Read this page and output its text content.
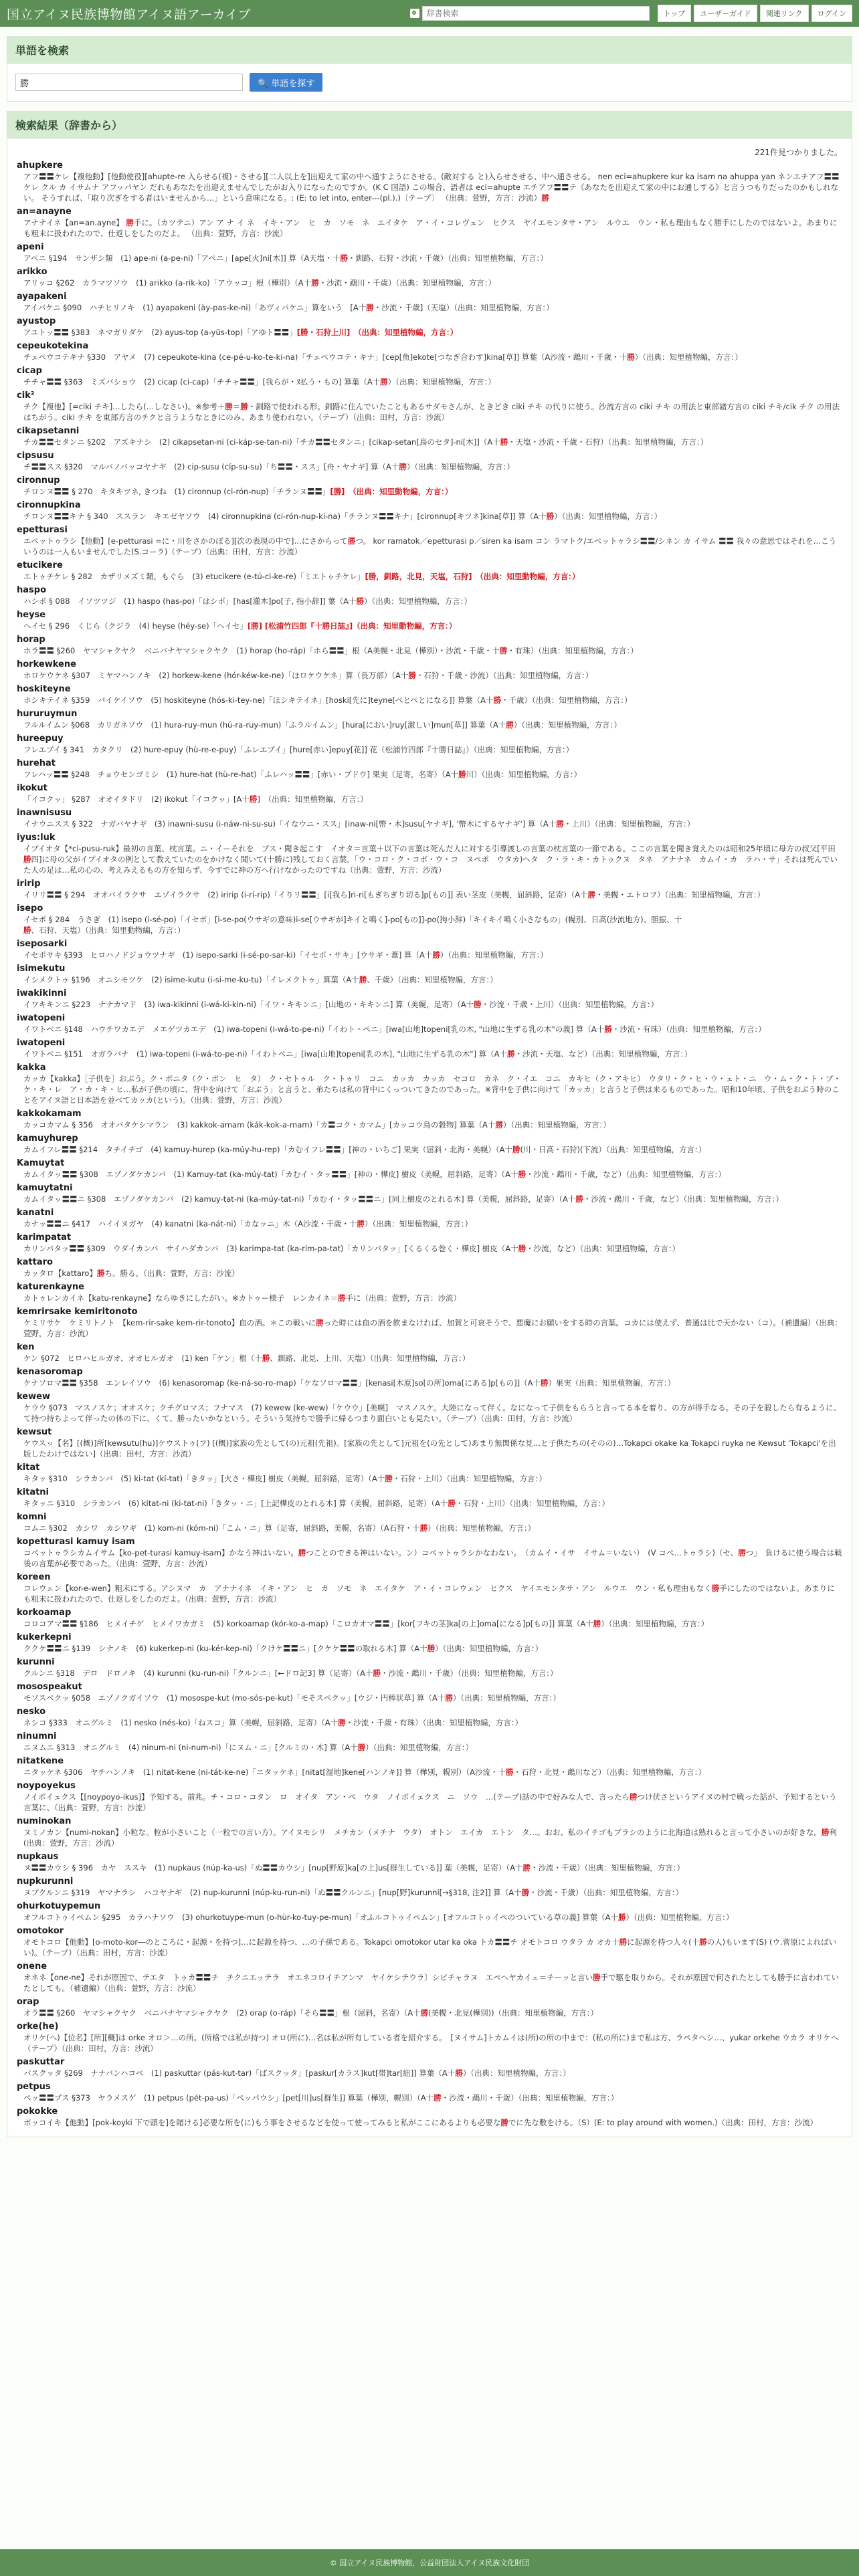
国立アイヌ民族博物館アイヌ語アーカイブ
辞書検索	トップ	ユーザーガイド	関連リンク	ログイン
単語を検索
勝
🔍 単語を探す
検索結果（辞書から）
221件見つかりました。
ahupkere
アフ〓〓ケレ【複他動】[他動使役][ahupte-re 入らせる(複)・させる][二人以上を]出迎えて家の中へ通すようにさせる。(敵対する と)入らせさせる、中へ通させる。 nen eci=ahupkere kur ka isam na ahuppa yan ネンエチアフ〓〓ケレ クル カ イサムナ アフッパヤン だれもあなたを出迎えませんでしたがお入りになったのですか。(K C 国語) この場合、語者は eci=ahupte エチアフ〓〓テ《あなたを出迎えて家の中にお通しする》と言うつもりだったのかもしれない。 そうすれば、「取り次ぎをする者はいませんから…」という意味になる。: (E: to let into, enter---(pl.).)〔テープ〕 （出典：萱野，方言：沙流）勝
an=anayne
アナナイネ【an=an.ayne】 勝手に。（カツテニ）アン ア ナ イ ネ　イキ・アン　ヒ　カ　ソモ　ネ　エイタケ　ア・イ・コレヴェン　ヒクス　ヤイエモンタサ・アン　ルウエ　ウン・私も理由もなく勝手にしたのではないよ。あまりにも粗末に扱われたので、仕返しをしたのだよ。 （出典：萱野，方言：沙流）
apeni
アペニ §194　サンザシ類　(1) ape-ni (a-pe-ni)「アペニ」[ape[火]ni[木]] 算（A天塩・十勝・釧路、石狩・沙流・千歳）（出典：知里植物編，方言：）
arikko
アリッコ §262　カラマツソウ　(1) arikko (a-rik-ko)「アウッコ」根（樺別）（A十勝・沙流・鵡川・千歳）（出典：知里植物編，方言：）
ayapakeni
アイパケニ §090　ハチヒリノキ　(1) ayapakeni (ày-pas-ke-ni)「あヴィパケニ」算をいう　[A十勝・沙流・千歳]（天塩）（出典：知里植物編，方言：）
ayustop
アユトッ〓〓 §383　ネマガリダケ　(2) ayus-top (a-yüs-top)「アゆト〓〓」[勝・石狩上川]　（出典：知里植物編，方言：）
cepeukotekina
チェペウコテキナ §330　アヤメ　(7) cepeukote-kina (ce-pé-u-ko-te-ki-na)「チェペウコテ・キナ」[cep[魚]ekote[つなぎ合わす]kina[草]] 算葉（A沙流・鵡川・千歳・十勝）（出典：知里植物編，方言：）
cicap
チチャ〓〓 §363　ミズバショウ　(2) cicap (ci-cap)「チチャ〓〓」[我らが・ﾇ払う・もの] 算葉（A十勝）（出典：知里植物編，方言：）
cik²
チク【複他】[=ciki チキ]…したら(…しなさい)。※参考＋勝＝勝・釧路で使われる形。釧路に住んでいたこともあるサダモさんが、ときどき ciki チキ の代りに使う。沙流方言の ciki チキ の用法と東部諸方言の ciki チキ/cik チク の用法はちがう。ciki チキ を東部方言のチクと言うようなときにのみ、あまり使われない。（テープ）（出典：田村，方言：沙流）
cikapsetanni
チカ〓〓セタンニ §202　アズキナシ　(2) cikapsetan-ni (ci-káp-se-tan-ni)「チカ〓〓セタンニ」[cikap-setan[鳥のセタ]-ni[木]]（A十勝・天塩・沙流・千歳・石狩）（出典：知里植物編，方言：）
cipsusu
チ〓〓スス §320　マルバノバッコヤナギ　(2) cip-susu (cíp-su-su)「ち〓〓・スス」[舟・ヤナギ] 算（A十勝）（出典：知里植物編，方言：）
cironnup
チロンヌ〓〓 § 270　キタキツネ, きつね　(1) cironnup (ci-rón-nup)「チランヌ〓〓」[勝]　（出典：知里動物編，方言：）
cironnupkina
チロンヌ〓〓キナ § 340　ススラン　キエゼヤソウ　(4) cironnupkina (ci-rón-nup-ki-na)「チランヌ〓〓キナ」[cironnup[キツネ]kina[草]] 算（A十勝）（出典：知里植物編，方言：）
epetturasi
エペットゥラシ【他動】[e-petturasi =に・川をさかのぼる][次の表現の中で]…にさからって勝つ。 kor ramatok／epetturasi p／siren ka isam コン ラマトク/エペットゥラシ〓〓/シネン カ イサム 〓〓 我々の意思ではそれを…こういうのは一人もいませんでした(S.コーラ)（テープ）（出典：田村，方言：沙流）
etucikere
エトゥチケレ § 282　カザリメズミ類，もぐら　(3) etucikere (e-tú-ci-ke-re)「ミエトゥチケレ」[勝，釧路，北見，天塩，石狩]　（出典：知里動物編，方言：）
haspo
ハシポ § 088　イソツツジ　(1) haspo (has-po)「はシポ」[has[灌木]po[子, 指小辞]] 葉（A十勝）（出典：知里植物編，方言：）
heyse
ヘイセ § 296　くじら（クジラ　(4) heyse (héy-se)「ヘイセ」[勝] [松浦竹四郎『十勝日誌』]（出典：知里動物編，方言：）
horap
ホラ〓〓 §260　ヤマシャクヤク　ベニバナヤマシャクヤク　(1) horap (ho-ráp)「ホら〓〓」根（A美幌・北見（樺別）・沙流・千歳・十勝・有珠）（出典：知里植物編，方言：）
horkewkene
ホロケウケネ §307　ミヤマハンノキ　(2) horkew-kene (hór-kéw-ke-ne)「ほロケウケネ」算（長万部）（A十勝・石狩・千歳・沙流）（出典：知里植物編，方言：）
hoskiteyne
ホシキテイネ §359　バイケイソウ　(5) hoskiteyne (hós-ki-tey-ne)「ほシキテイネ」[hoski[先に]teyne[ぺとぺとになる]] 算葉（A十勝・千歳）（出典：知里植物編，方言：）
hururuymun
フルルイムン §068　カリガネソウ　(1) hura-ruy-mun (hú-ra-ruy-mun)「ふラルイムン」[hura[におい]ruy[激しい]mun[草]] 算葉（A十勝）（出典：知里植物編，方言：）
hureepuy
フレエプイ § 341　カタクリ　(2) hure-epuy (hù-re-e-puy)「ふレエプイ」[hure[赤い]epuy[花]] 花（松浦竹四郎『十勝日誌』）（出典：知里植物編，方言：）
hurehat
フレハッ〓〓 §248　チョウセンゴミシ　(1) hure-hat (hù-re-hat)「ふレハッ〓〓」[赤い・ブドウ] 果実（足寄，名寄）（A十勝川）（出典：知里植物編，方言：）
ikokut
「イコクッ」 §287　オオイタドリ　(2) ikokut「イコクッ」[A十勝]　（出典：知里植物編，方言：）
inawnisusu
イナウニスス § 322　ナガバヤナギ　(3) inawni-susu (i-náw-ni-su-su)「イなウニ・スス」[inaw-ni[幣・木]susu[ヤナギ], '幣木にするヤナギ'] 算（A十勝・上川）（出典：知里植物編，方言：）
iyus:luk
イプイオタ【*ci-pusu-ruk】最初の言葉、枕言葉。ニ・イーそれを　ブス・聞き起こす　イオタ＝言葉＋以下の言葉は死んだ人に対する引導渡しの言葉の枕言葉の一節である。ここの言葉を聞き覚えたのは昭和25年頃に母方の叔父[平田勝四]に母の父がイプイオタの例として教えていたのをかけなく聞いて(十勝に)残しておく言葉。「ウ・コロ・ク・コボ・ウ・コ　ヌペポ　ウタカ)ヘタ　ク・ラ・キ・カトゥクヌ　タネ　アナナネ　カムイ・カ　ラハ・サ」それは死んでいた人の足は…私の心の、考えみえるもの方を知らず、今すでに神の方へ行けなかったのですね（出典：萱野，方言：沙流）
iririp
イリリ〓〓 § 294　オオバイラクサ　エゾイラクサ　(2) iririp (i-rí-rip)「イりリ〓〓」[i[我ら]ri-ri[もぎちぎり切る]p[もの]] 表い茎皮（美幌，屈斜路，足寄）（A十勝・美幌・エトロフ）（出典：知里植物編，方言：）
isepo
イセポ § 284　うさぎ　(1) isepo (i-sé-po)「イセポ」[i-se-po(ウサギの意味)i-se[ウサギが]キイと鳴く]-po[もの]]-po(狗小辞)「キイキイ鳴く小さなもの」(幌別、日高(沙流地方)、胆振、十勝、石狩、天塩）（出典：知里動物編，方言：）
iseposarki
イセポサキ §393　ヒロハノドジョウツナギ　(1) isepo-sarki (i-sé-po-sar-ki)「イセポ・サキ」[ウサギ・葦] 算（A十勝）（出典：知里植物編，方言：）
isimekutu
イシメクトゥ §196　オニシモツケ　(2) isime-kutu (i-si-me-ku-tu)「イレメクトゥ」算葉（A十勝、千歳）（出典：知里植物編，方言：）
iwakikinni
イワキキンニ §223　ナナカマド　(3) iwa-kikinni (i-wá-ki-kin-ni)「イワ・キキンニ」[山地の・キキンニ] 算（美幌，足寄）（A十勝・沙流・千歳・上川）（出典：知里植物編，方言：）
iwatopeni
イワトペニ §148　ハウチワカエデ　メエゲツカエデ　(1) iwa-topeni (i-wá-to-pe-ni)「イわト・ペニ」[iwa[山地]topeni[乳の木, "山地に生ずる乳の木"の義] 算（A十勝・沙流・有珠）（出典：知里植物編，方言：）
iwatopeni
イワトペニ §151　オガラバナ　(1) iwa-topeni (i-wá-to-pe-ni)「イわトペニ」[iwa[山地]topeni[乳の木], "山地に生ずる乳の木"] 算（A十勝・沙流・天塩、など）（出典：知里植物編，方言：）
kakka
カッカ【kakka】［子供を］おぶう。ク・ポニタ（ク・ポン　ヒ　タ）　ク・セトゥル　ク・トゥリ　コニ　カッカ　カッカ　セコロ　カネ　ク・イエ　コニ　カキヒ（ク・アキヒ）　ウタリ・ク・ヒ・ウ・ェト・ニ　ウ・ム・ク・ト・プ・ケ・キ・レ　ア・カ・キ・ヒ…私が子供の頃に、背中を向けて「おぶう」と言うと、弟たちは私の背中にくっついてきたのであった。※背中を子供に向けて「カッカ」と言うと子供は来るものであった。昭和10年頃、子供をおぶう時のことをアイヌ語と日本語を並べてカッカ(という)。（出典：萱野，方言：沙流）
kakkokamam
カッコカマム § 356　オオバタケシマラン　(3) kakkok-amam (kák-kok-a-mam)「カ〓コク・カマム」[カッコウ鳥の穀物] 算葉（A十勝）（出典：知里植物編，方言：）
kamuyhurep
カムイフレ〓〓 §214　タチイチゴ　(4) kamuy-hurep (ka-múy-hu-rep)「カむイフレ〓〓」[神の・いちご] 果実（屈斜・北海・美幌）（A十勝(川・日高・石狩)(下流）（出典：知里植物編，方言：）
Kamuytat
カムイタッ〓〓 §308　エゾノダケカンバ　(1) Kamuy-tat (ka-múy-tat)「カむイ・タッ〓〓」[神の・樺皮] 樹皮（美幌，屈斜路，足寄）（A十勝・沙流・鵡川・千歳，など）（出典：知里植物編，方言：）
kamuytatni
カムイタッ〓〓ニ §308　エゾノダケカンバ　(2) kamuy-tat-ni (ka-múy-tat-ni)「カむイ・タッ〓〓ニ」[同上樹皮のとれる木] 算（美幌，屈斜路，足寄）（A十勝・沙流・鵡川・千歳，など）（出典：知里植物編，方言：）
kanatni
カナッ〓〓ニ §417　ハイイヌガヤ　(4) kanatni (ka-nát-ni)「カなッニ」木（A沙流・千歳・十勝）（出典：知里植物編，方言：）
karimpatat
カリンパタッ〓〓 §309　ウダイカンバ　サイハダカンバ　(3) karimpa-tat (ka-rím-pa-tat)「カリンパタッ」[くるくる巻く・樺皮] 樹皮（A十勝・沙流，など）（出典：知里植物編，方言：）
kattaro
カッタロ【kattaro】勝ち。勝る。（出典：萱野，方言：沙流）
katurenkayne
カトゥレンカイネ【katu-renkayne】ならゆきにしたがい。※カトゥー様子　レンカイネ＝勝手に（出典：萱野，方言：沙流）
kemrirsake kemiritonoto
ケミリサケ　ケミリトノト　【kem-rir-sake kem-rir-tonoto】血の酒。＊この戦いに勝った時には血の酒を飲まなければ、加賀と可哀そうで、悪魔にお願いをする時の言葉。コカには使えず、普通は比で天かない（コ）。（補遺編）（出典：萱野，方言：沙流）
ken
ケン §072　ヒロハヒルガオ、オオヒルガオ　(1) ken「ケン」根（十勝、釧路、北見、上川、天塩）（出典：知里植物編，方言：）
kenasoromap
ケナソロマ〓〓 §358　エンレイソウ　(6) kenasoromap (ke-ná-so-ro-map)「ケなソロマ〓〓」[kenasi[木原]so[の所]oma[にある]p[もの]]（A十勝）果実（出典：知里植物編，方言：）
kewew
ケウウ §073　マスノスケ；オオスケ；クチグロマス；フナマス　(7) kewew (ke-wew)「ケウウ」[美幌]　マスノスケ。大陸になって伴く。なになって子供をもらうと言ってる本を着り、の方が得手なる。その子を殺したら有るように、て持つ持ちよって伴ったの体の下に、くて、勝ったいかなという。そういう気持ちで勝手に帰るつまり面白いとも見たい。（テープ）（出典：田村，方言：沙流）
kewsut
ケウスッ【名】[(概)]所[kewsutu(hu)]ケウストゥ(フ) [(概)]家族の先として(の)元祖(先祖)。[家族の先として]元祖を(の先として)あまり無関係な見…と子供たちの(そのの)…Tokapci okake ka Tokapci ruyka ne Kewsut 'Tokapci'を出版したわけではない]（出典：田村，方言：沙流）
kitat
キタッ §310　シラカンバ　(5) ki-tat (kí-tat)「きタッ」[火さ・樺皮] 樹皮（美幌，屈斜路，足寄）（A十勝・石狩・上川）（出典：知里植物編，方言：）
kitatni
キタッニ §310　シラカンバ　(6) kitat-ni (ki-tat-ni)「きタッ・ニ」[上記樺皮のとれる木] 算（美幌，屈斜路，足寄）（A十勝・石狩・上川）（出典：知里植物編，方言：）
komni
コムニ §302　カシワ　カシワギ　(1) kom-ni (kóm-ni)「こム・ニ」算（足寄，屈斜路，美幌，名寄）（A石狩・十勝）（出典：知里植物編，方言：）
kopetturasi kamuy isam
コペットゥラシカムイサム【ko-pet-turasi kamuy-isam】かなう神はいない。勝つことのできる神はいない。ン）コペットゥラシかなわない。　（カムイ・イサ　イサム＝いない）　(V コペ…トゥラシ)（セ、勝つ」　負けるに使う場合は戦後の言葉が必要であった。（出典：萱野，方言：沙流）
koreen
コレウェン【kor-e-wen】粗末にする。アシヌマ　カ　アナナイネ　イキ・アン　ヒ　カ　ソモ　ネ　エイタケ　ア・イ・コレウェン　ヒクス　ヤイエモンタサ・アン　ルウエ　ウン・私も理由もなく勝手にしたのではないよ。あまりにも粗末に扱われたので、仕返しをしたのだよ。（出典：萱野，方言：沙流）
korkoamap
コロコアマ〓〓 §186　ヒメイチゲ　ヒメイワカガミ　(5) korkoamap (kór-ko-a-map)「こロカオマ〓〓」[kor[フキの茎]ka[の上]oma[になる]p[もの]] 算葉（A十勝）（出典：知里植物編，方言：）
kukerkepni
ククケ〓〓ニ §139　シナノキ　(6) kukerkep-ni (ku-kér-kep-ni)「クけケ〓〓ニ」[クケケ〓〓の取れる木] 算（A十勝）（出典：知里植物編，方言：）
kurunni
クルンニ §318　デロ　ドロノキ　(4) kurunni (ku-run-ni)「クルンニ」[←ドロ記3] 算（足寄）（A十勝・沙流・鵡川・千歳）（出典：知里植物編，方言：）
mosospeakut
モソスペクッ §058　エゾノクガイソウ　(1) mosospe-kut (mo-sós-pe-kut)「モそスペクッ」[ウジ・円棒状草] 算（A十勝）（出典：知里植物編，方言：）
nesko
ネシコ §333　オニグルミ　(1) nesko (nés-ko)「ねスコ」算（美幌，屈斜路，足寄）（A十勝・沙流・千歳・有珠）（出典：知里植物編，方言：）
ninumni
ニヌムニ §313　オニグルミ　(4) ninum-ni (ni-num-ni)「にヌム・ニ」[クルミの・木] 算（A十勝）（出典：知里植物編，方言：）
nitatkene
ニタッケネ §306　ヤチハンノキ　(1) nitat-kene (ni-tát-ke-ne)「ニタッケネ」[nitat[湿地]kene[ハンノキ]] 算（樺別，幌別）（A沙流・十勝・石狩・北見・鵡川など）（出典：知里植物編，方言：）
noypoyekus
ノイポイェクス【[noypoyo-ikus]】予知する。前兆。チ・コロ・コタン　ロ　オイタ　アン・ペ　ウタ　ノイポイェクス　ニ　ソウ　…(テープ)話の中で好みな人で、言ったら勝つけ伏さというアイヌの村で戦った話が、予知するという言葉に、（出典：萱野，方言：沙流）
numinokan
ヌミノカン【numi-nokan】小粒な。粒が小さいこと（一粒での言い方）。アイヌモシリ　メチカン（メチナ　ウタ）　オトン　エイカ　エトン　タ…。おお、私のイチゴもブラシのように北海道は熟れると言って小さいのが好きな。勝利(出典：萱野，方言：沙流）
nupkaus
ヌ〓〓カウシ § 396　カヤ　ススキ　(1) nupkaus (núp-ka-us)「ぬ〓〓カウシ」[nup[野原]ka[の上]us[群生している]] 葉（美幌，足寄）（A十勝・沙流・千歳）（出典：知里植物編，方言：）
nupkurunni
ヌプクルンニ §319　ヤマナラシ　ハコヤナギ　(2) nup-kurunni (núp-ku-run-ni)「ぬ〓〓クルンニ」[nup[野]kurunni[→§318, 注2]] 算（A十勝・沙流・千歳）（出典：知里植物編，方言：）
ohurkotuypemun
オフルコトゥイペムン §295　カラハナソウ　(3) ohurkotuype-mun (o-hùr-ko-tuy-pe-mun)「オふルコトゥイペムン」[オフルコトゥイペのついている草の義] 算葉（A十勝）（出典：知里植物編，方言：）
omotokor
オモトコロ【他動】[o-moto-kor―のところに・起源・を持つ]…に起源を持つ、…の子孫である。Tokapci omotokor utar ka oka トカ〓〓チ オモトコロ ウタラ カ オカ十勝に起源を持つ人々(十勝の人)もいます(S) (ウ.菅原によればいい)。（テープ）（出典：田村，方言：沙流）
onene
オネネ【one-ne】それが原因で、テエタ　トゥカ〓〓チ　チクニエッテラ　オエネコロイチアンマ　ヤイケシテウラ〕シビチャラヌ　エペヘヤカイェ＝チーッと言い勝手で駆を取りから。それが原因で何されたとしても勝手に言われていたとしても。（補遺編）（出典：萱野，方言：沙流）
orap
オラ〓〓 §260　ヤマシャクヤク　ベニバナヤマシャクヤク　(2) orap (o-ráp)「そら〓〓」根（屈斜，名寄）（A十勝(美幌・北見(樺別))（出典：知里植物編，方言：）
orke(he)
オリケ(へ)【位名】[所][概]は orke オロ＞…の所。(所格では私が持つ) オロ(所に)…名は私が所有している者を紹介する。　[ヌイサム]トカムイは(所)の所の中まで：(私の所に)まで私は方、ラペタヘシ…、yukar orkehe ウカラ オリケヘ（テープ）（出典：田村，方言：沙流）
paskuttar
パスクッタ §269　ナナバンハコベ　(1) paskuttar (pás-kut-tar)「ぱスクッタ」[paskur[カラス]kut[帯]tar[紐]] 算葉（A十勝）（出典：知里植物編，方言：）
petpus
ペッ〓〓プス §373　ヤラメスゲ　(1) petpus (pét-pa-us)「ぺッパウシ」[pet[川]us[群生]] 算葉（樺別，幌別）（A十勝・沙流・鵡川・千歳）（出典：知里植物編，方言：）
pokokke
ポッコイキ【他動】[pok-koyki 下で頭を]を賭ける]必要な所を(に)もう事をさせるなどを使って使ってみると私がここにあるよりも必要な勝でに先な敷をける。（S）(E: to play around with women.)（出典：田村，方言：沙流）
© 国立アイヌ民族博物館，公益財団法人アイヌ民族文化財団
